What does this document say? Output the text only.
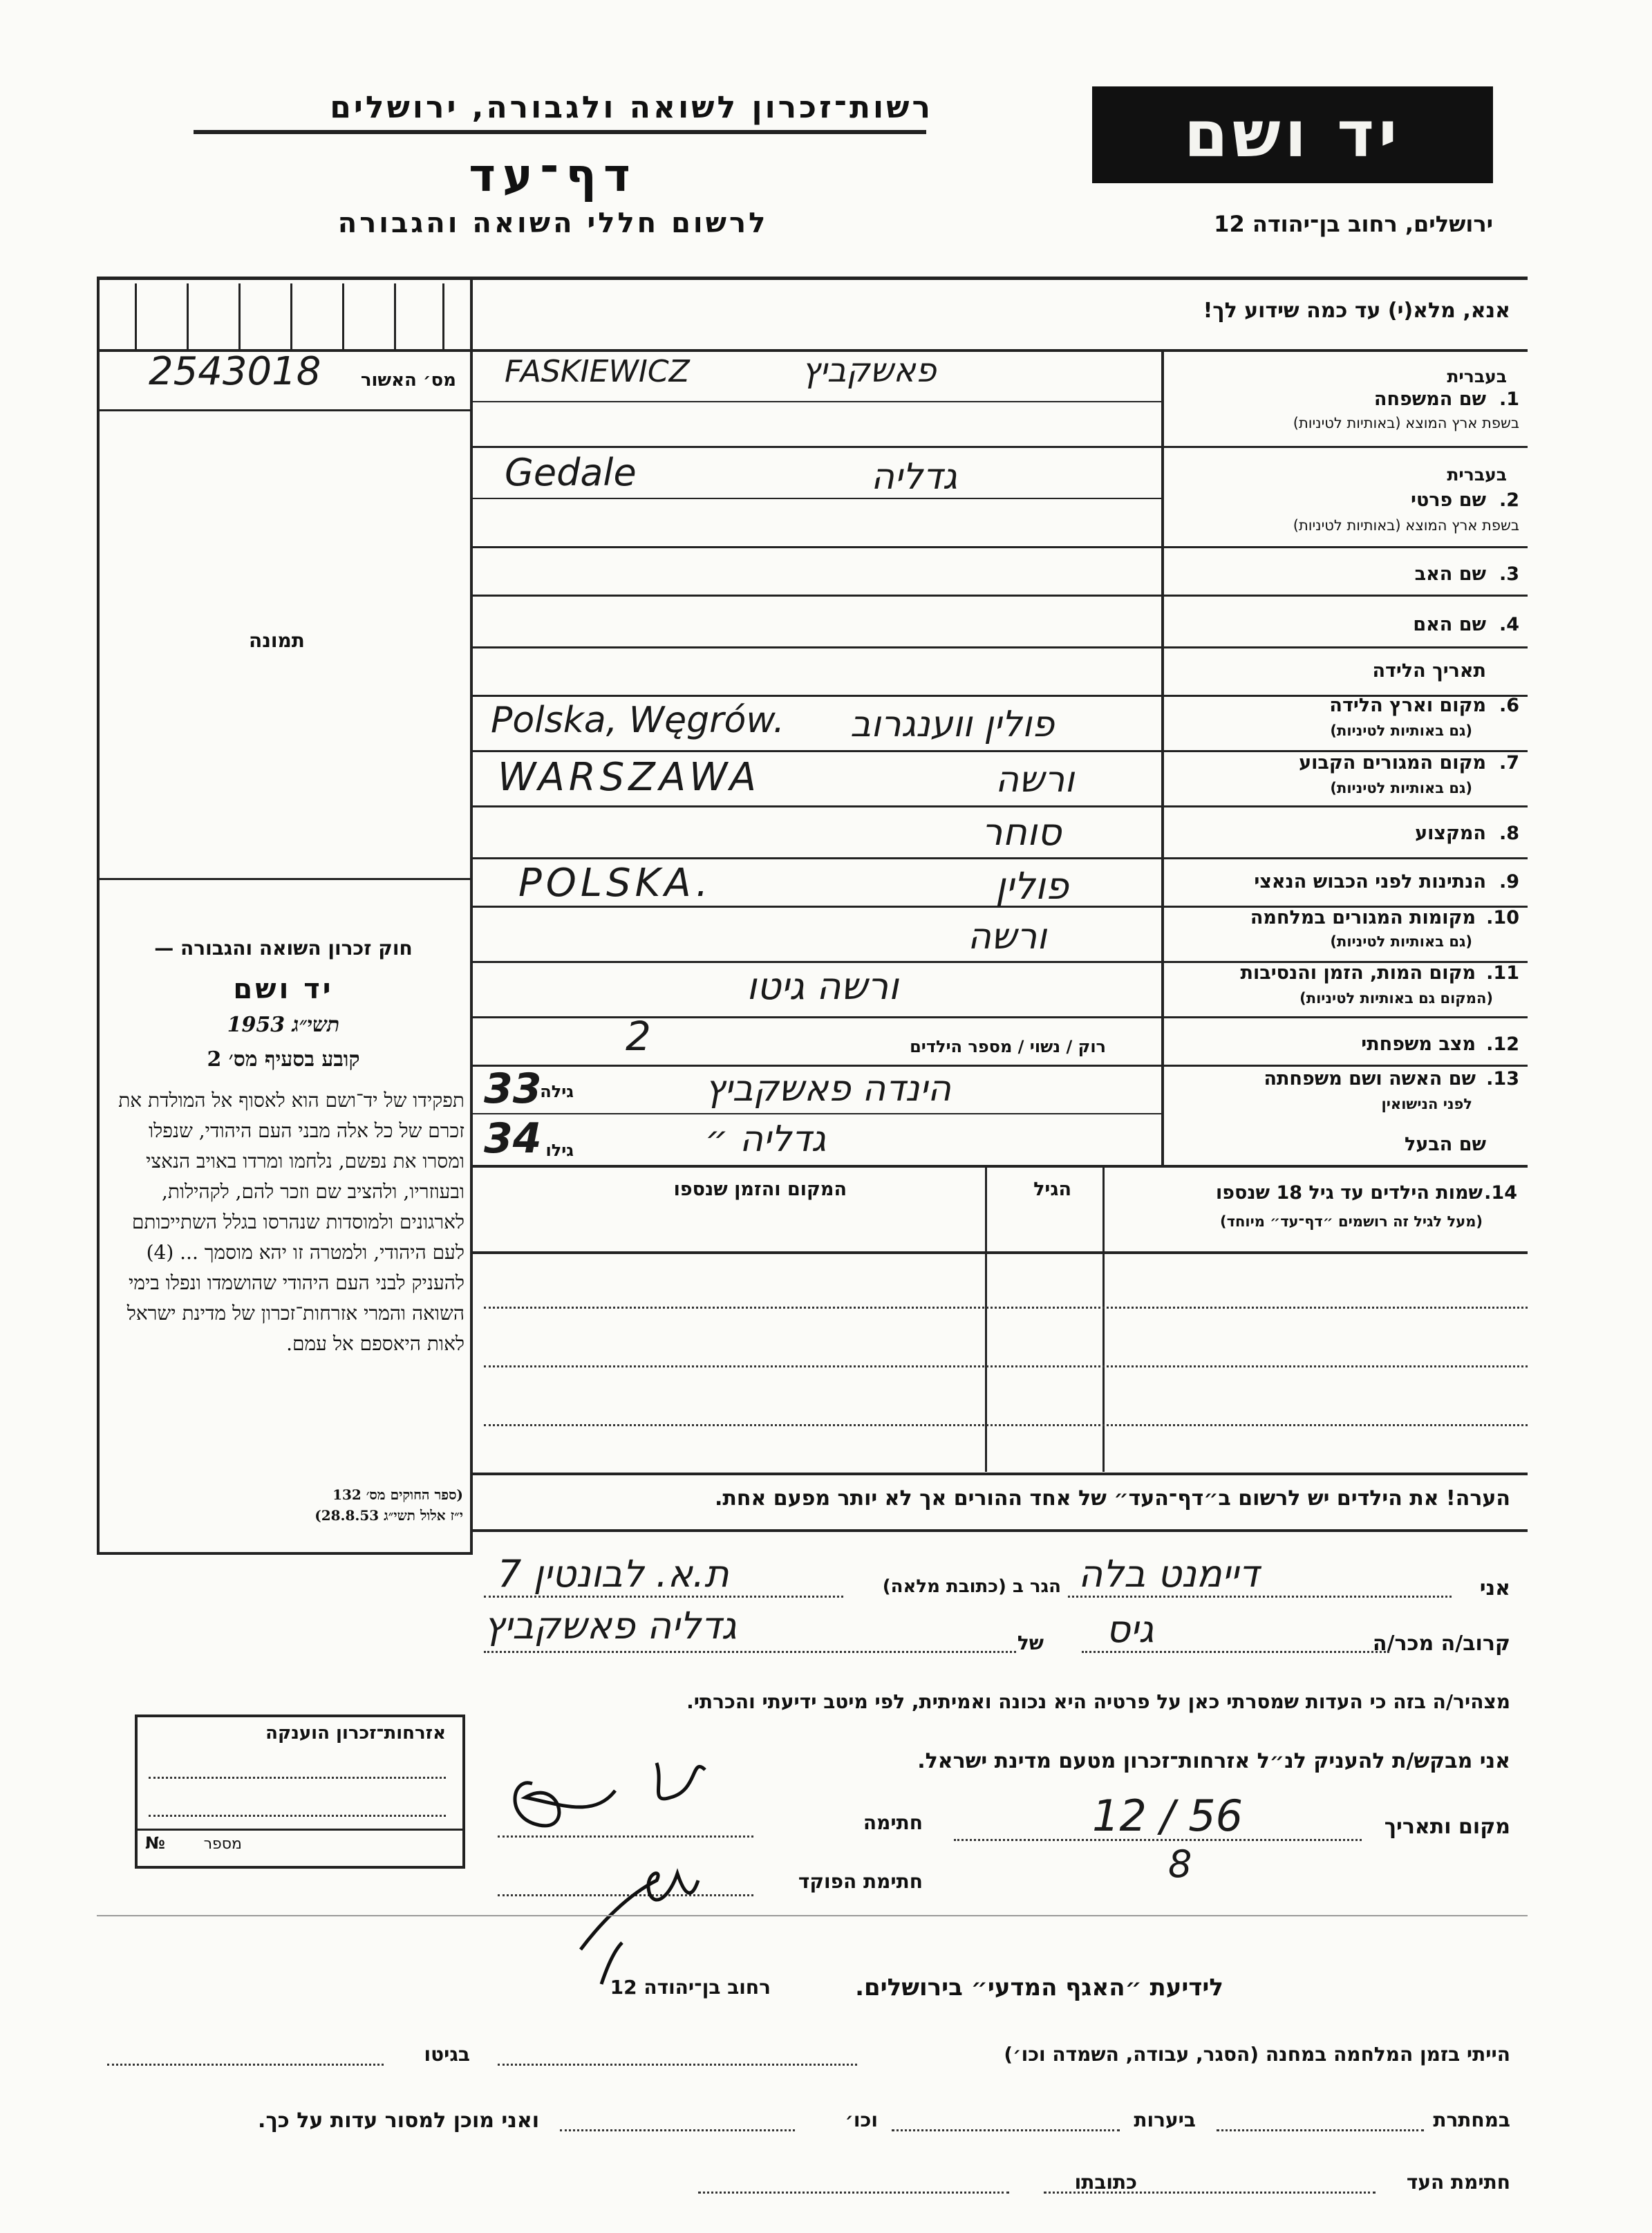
רשות־זכרון לשואה ולגבורה, ירושלים
דף־עד
לרשום חללי השואה והגבורה
יד ושם
ירושלים, רחוב בן־יהודה 12
אנא, מלא(י) עד כמה שידוע לך!
מס׳ האשור
2543018
תמונה
בעברית
1.
שם המשפחה
בשפת ארץ המוצא (באותיות לטיניות)
FASKIEWICZ	פאשקביץ
בעברית
2.
שם פרטי
בשפת ארץ המוצא (באותיות לטיניות)
Gedale	גדליה
3.
שם האב
4.
שם האם
תאריך הלידה
6.
מקום וארץ הלידה
(גם באותיות לטיניות)
Polska, Węgrów. פולין ווענגרוב
7.
מקום המגורים הקבוע
(גם באותיות לטיניות)
WARSZAWA	ורשה
8.
המקצוע
סוחר
9.
הנתינות לפני הכבוש הנאצי
POLSKA.	פולין
10.
מקומות המגורים במלחמה
(גם באותיות לטיניות)
ורשה
11.
מקום המות, הזמן והנסיבות
(המקום גם באותיות לטיניות)
ורשה גיטו
12.
מצב משפחתי
רוק / נשוי / מספר הילדים
2
13.
שם האשה ושם משפחתה
לפני הנישואין
גילה
33	הינדה פאשקביץ
שם הבעל
גילו
34	גדליה ״
14.
שמות הילדים עד גיל 18 שנספו
(מעל לגיל זה רושמים ״דף־עד״ מיוחד)
הגיל
המקום והזמן שנספו
הערה! את הילדים יש לרשום ב״דף־העד״ של אחד ההורים אך לא יותר מפעם אחת.
חוק זכרון השואה והגבורה —
יד ושם
תשי״ג 1953
קובע בסעיף מס׳ 2
תפקידו של יד־ושם הוא לאסוף אל המולדת את זכרם של כל אלה מבני העם היהודי, שנפלו ומסרו את נפשם, נלחמו ומרדו באויב הנאצי ובעוזריו, ולהציב שם וזכר להם, לקהילות, לארגונים ולמוסדות שנהרסו בגלל השתייכותם לעם היהודי, ולמטרה זו יהא מוסמך ... (4) להעניק לבני העם היהודי שהושמדו ונפלו בימי השואה והמרי אזרחות־זכרון של מדינת ישראל לאות היאספם אל עמם.
(ספר החוקים מס׳ 132
י״ז אלול תשי״ג 28.8.53)
אני
דיימנט בלה
הגר ב (כתובת מלאה)
ת.א. לבונטין 7
קרוב/ה מכר/ה
גיס
של
גדליה פאשקביץ
מצהיר/ה בזה כי העדות שמסרתי כאן על פרטיה היא נכונה ואמיתית, לפי מיטב ידיעתי והכרתי.
אני מבקש/ת להעניק לנ״ל אזרחות־זכרון מטעם מדינת ישראל.
מקום ותאריך
12 / 56
8
חתימה
חתימת הפוקד
אזרחות־זכרון הוענקה
מספר
№
לידיעת ״האגף המדעי״ בירושלים.
רחוב בן־יהודה 12
הייתי בזמן המלחמה במחנה (הסגר, עבודה, השמדה וכו׳)
בגיטו
במחתרת
ביערות
וכו׳
ואני מוכן למסור עדות על כך.
חתימת העד
כתובתו
